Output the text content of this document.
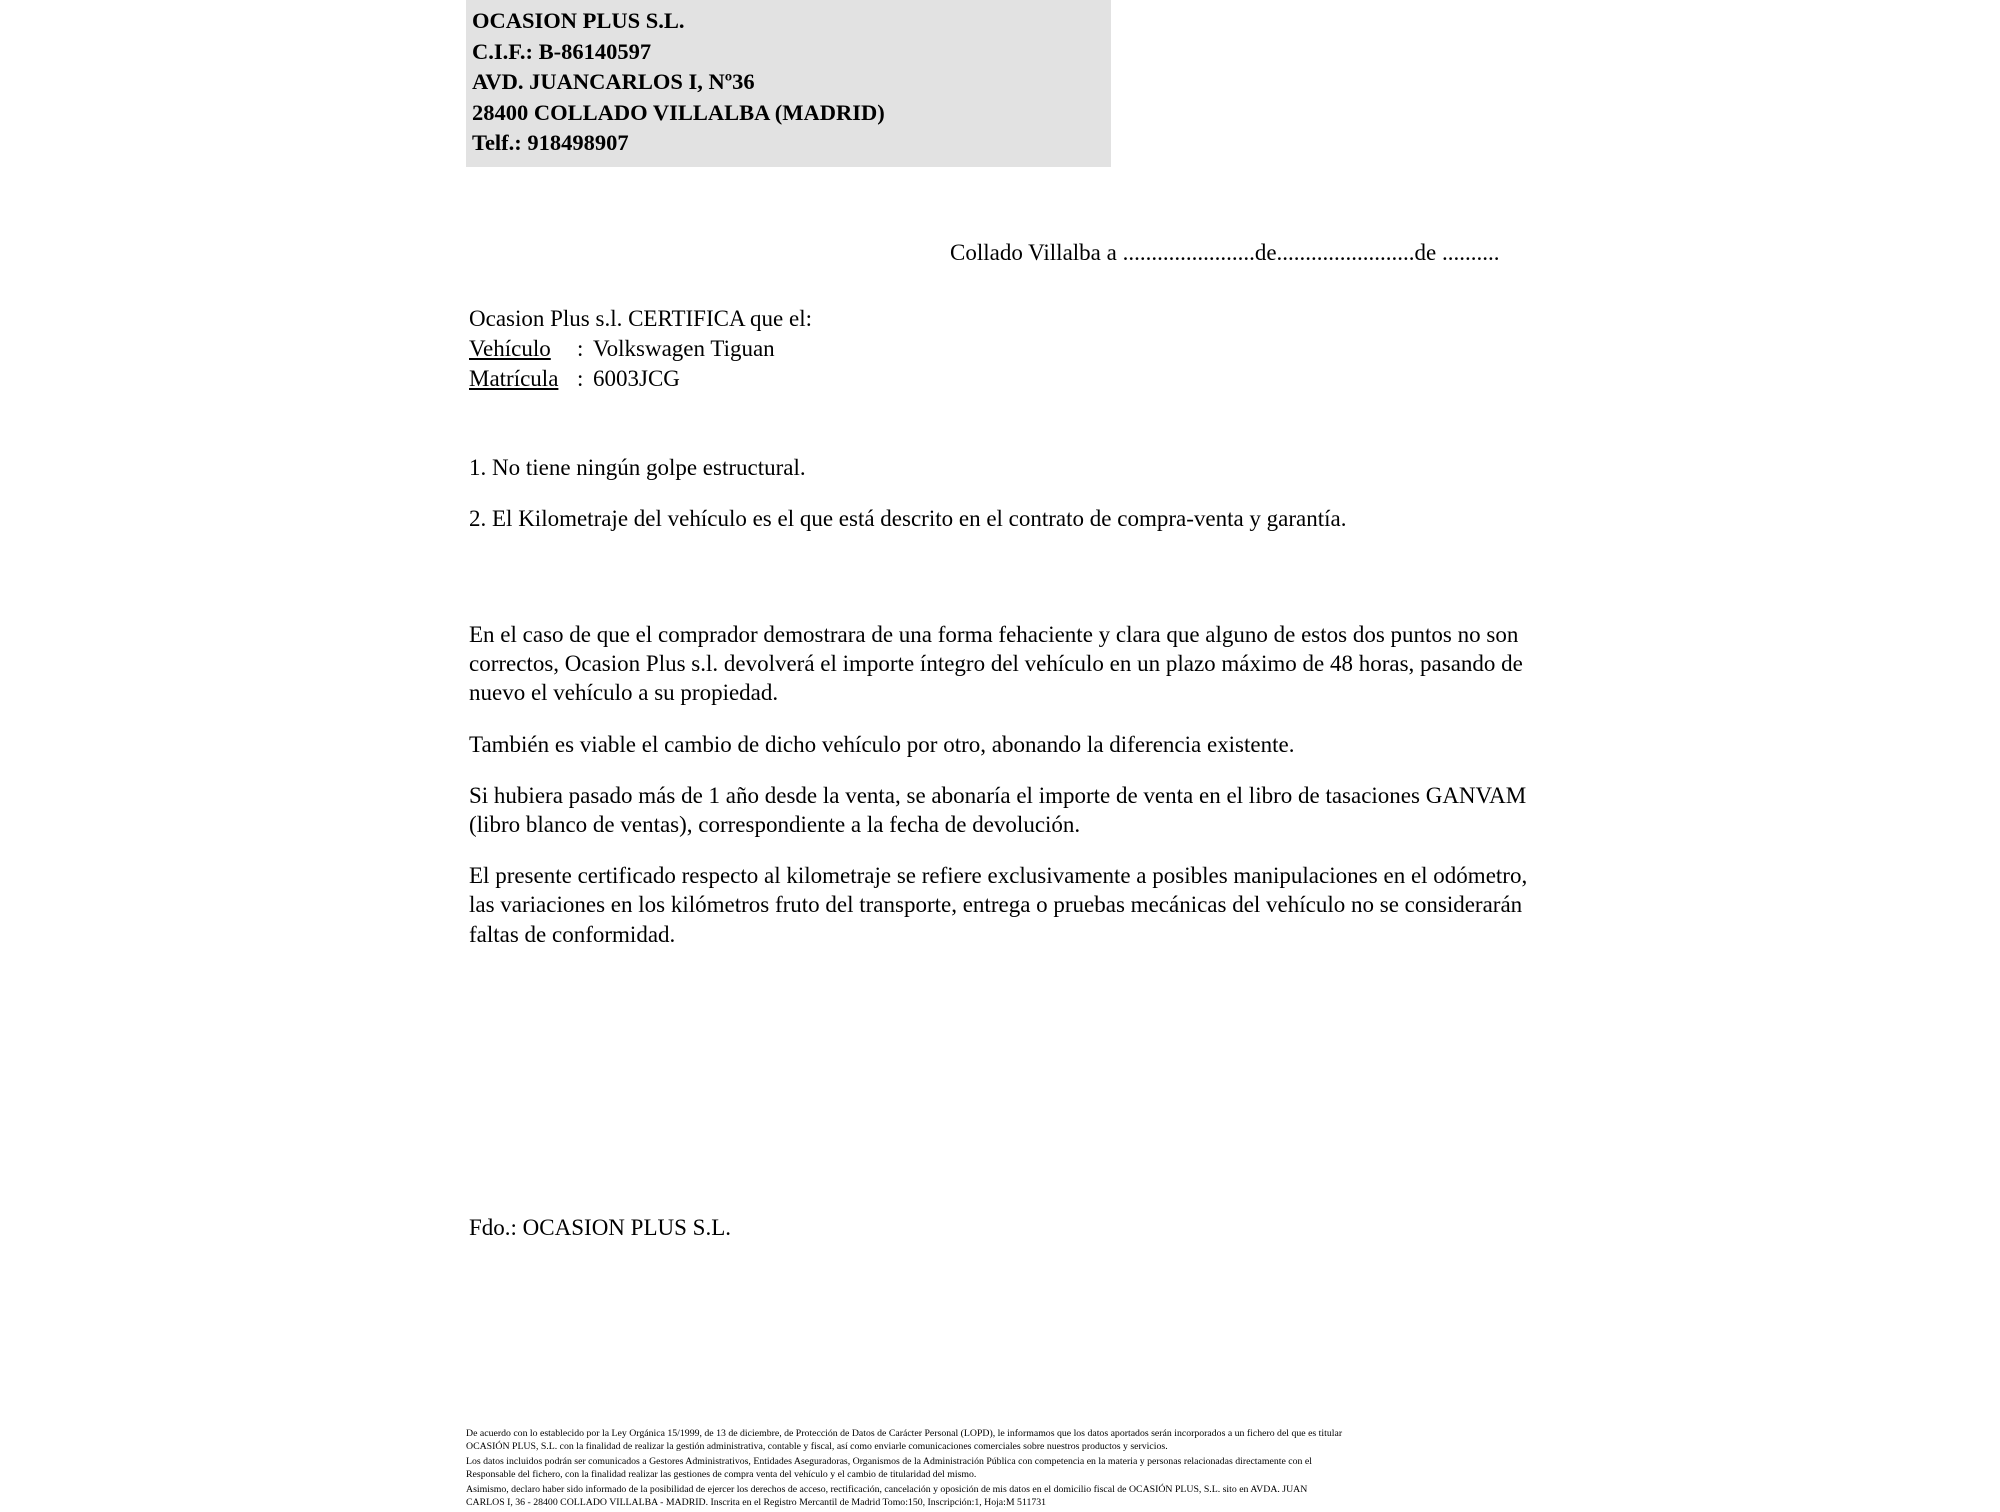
OCASION PLUS S.L.
C.I.F.: B-86140597
AVD. JUANCARLOS I, Nº36
28400 COLLADO VILLALBA (MADRID)
Telf.: 918498907
Collado Villalba a .......................de........................de ..........
Ocasion Plus s.l. CERTIFICA que el:
Vehículo	: Volkswagen Tiguan
Matrícula : 6003JCG
1. No tiene ningún golpe estructural.
2. El Kilometraje del vehículo es el que está descrito en el contrato de compra-venta y garantía.

En el caso de que el comprador demostrara de una forma fehaciente y clara que alguno de estos dos puntos no son correctos, Ocasion Plus s.l. devolverá el importe íntegro del vehículo en un plazo máximo de 48 horas, pasando de nuevo el vehículo a su propiedad.

También es viable el cambio de dicho vehículo por otro, abonando la diferencia existente.

Si hubiera pasado más de 1 año desde la venta, se abonaría el importe de venta en el libro de tasaciones GANVAM (libro blanco de ventas), correspondiente a la fecha de devolución.

El presente certificado respecto al kilometraje se refiere exclusivamente a posibles manipulaciones en el odómetro, las variaciones en los kilómetros fruto del transporte, entrega o pruebas mecánicas del vehículo no se considerarán faltas de conformidad.

Fdo.: OCASION PLUS S.L.

De acuerdo con lo establecido por la Ley Orgánica 15/1999, de 13 de diciembre, de Protección de Datos de Carácter Personal (LOPD), le informamos que los datos aportados serán incorporados a un fichero del que es titular

OCASIÓN PLUS, S.L. con la finalidad de realizar la gestión administrativa, contable y fiscal, así como enviarle comunicaciones comerciales sobre nuestros productos y servicios.

Los datos incluidos podrán ser comunicados a Gestores Administrativos, Entidades Aseguradoras, Organismos de la Administración Pública con competencia en la materia y personas relacionadas directamente con el

Responsable del fichero, con la finalidad realizar las gestiones de compra venta del vehículo y el cambio de titularidad del mismo.

Asimismo, declaro haber sido informado de la posibilidad de ejercer los derechos de acceso, rectificación, cancelación y oposición de mis datos en el domicilio fiscal de OCASIÓN PLUS, S.L. sito en AVDA. JUAN

CARLOS I, 36 - 28400 COLLADO VILLALBA - MADRID. Inscrita en el Registro Mercantil de Madrid Tomo:150, Inscripción:1, Hoja:M 511731
